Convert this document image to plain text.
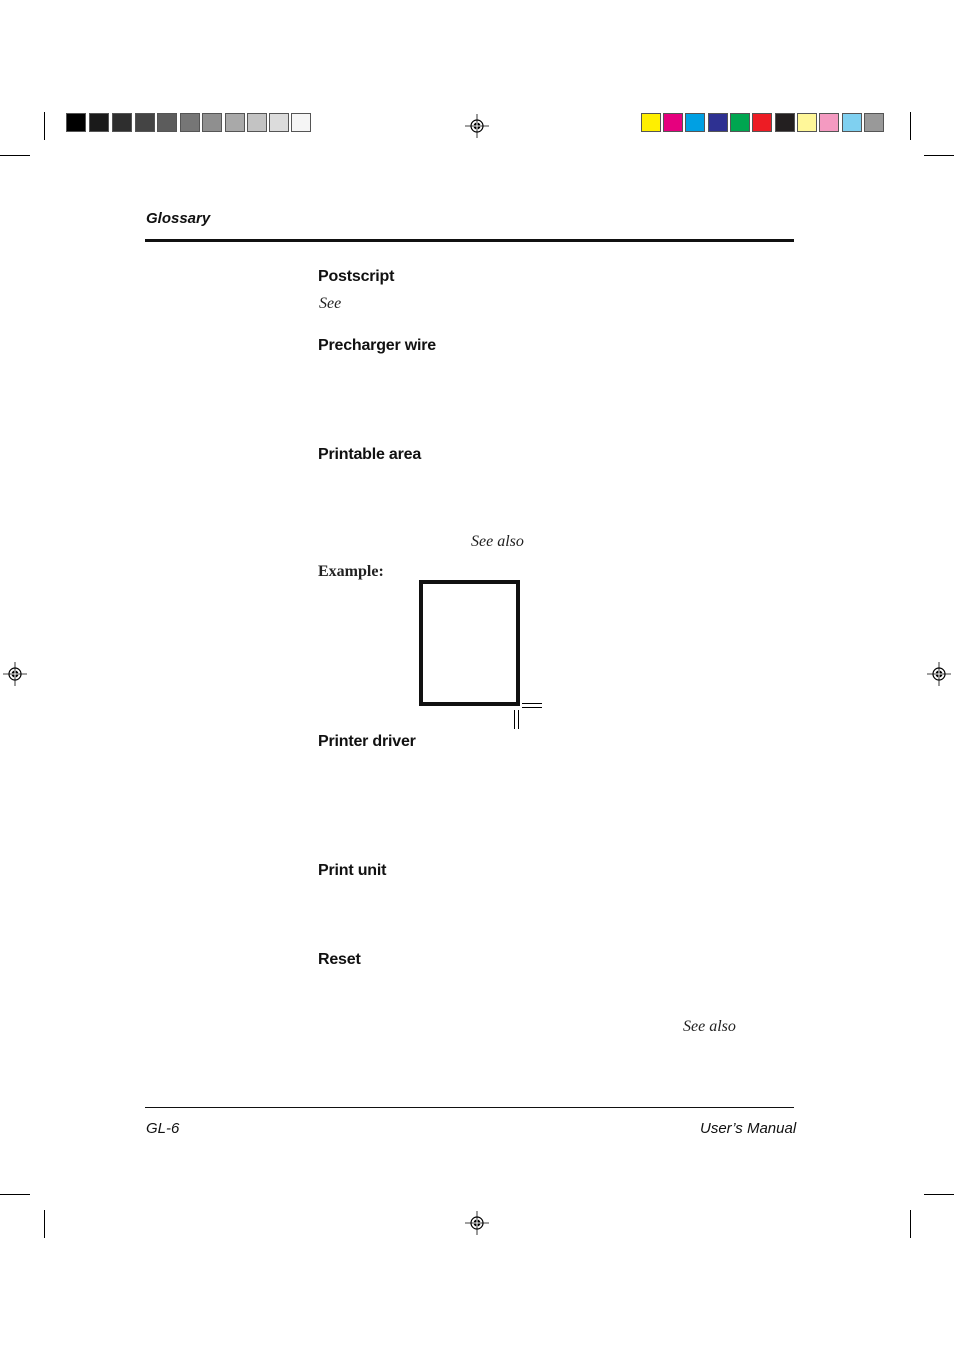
Glossary
Postscript
See
Precharger wire
Printable area
See also
Example:
Printer driver
Print unit
Reset
See also
GL-6	User’s Manual
